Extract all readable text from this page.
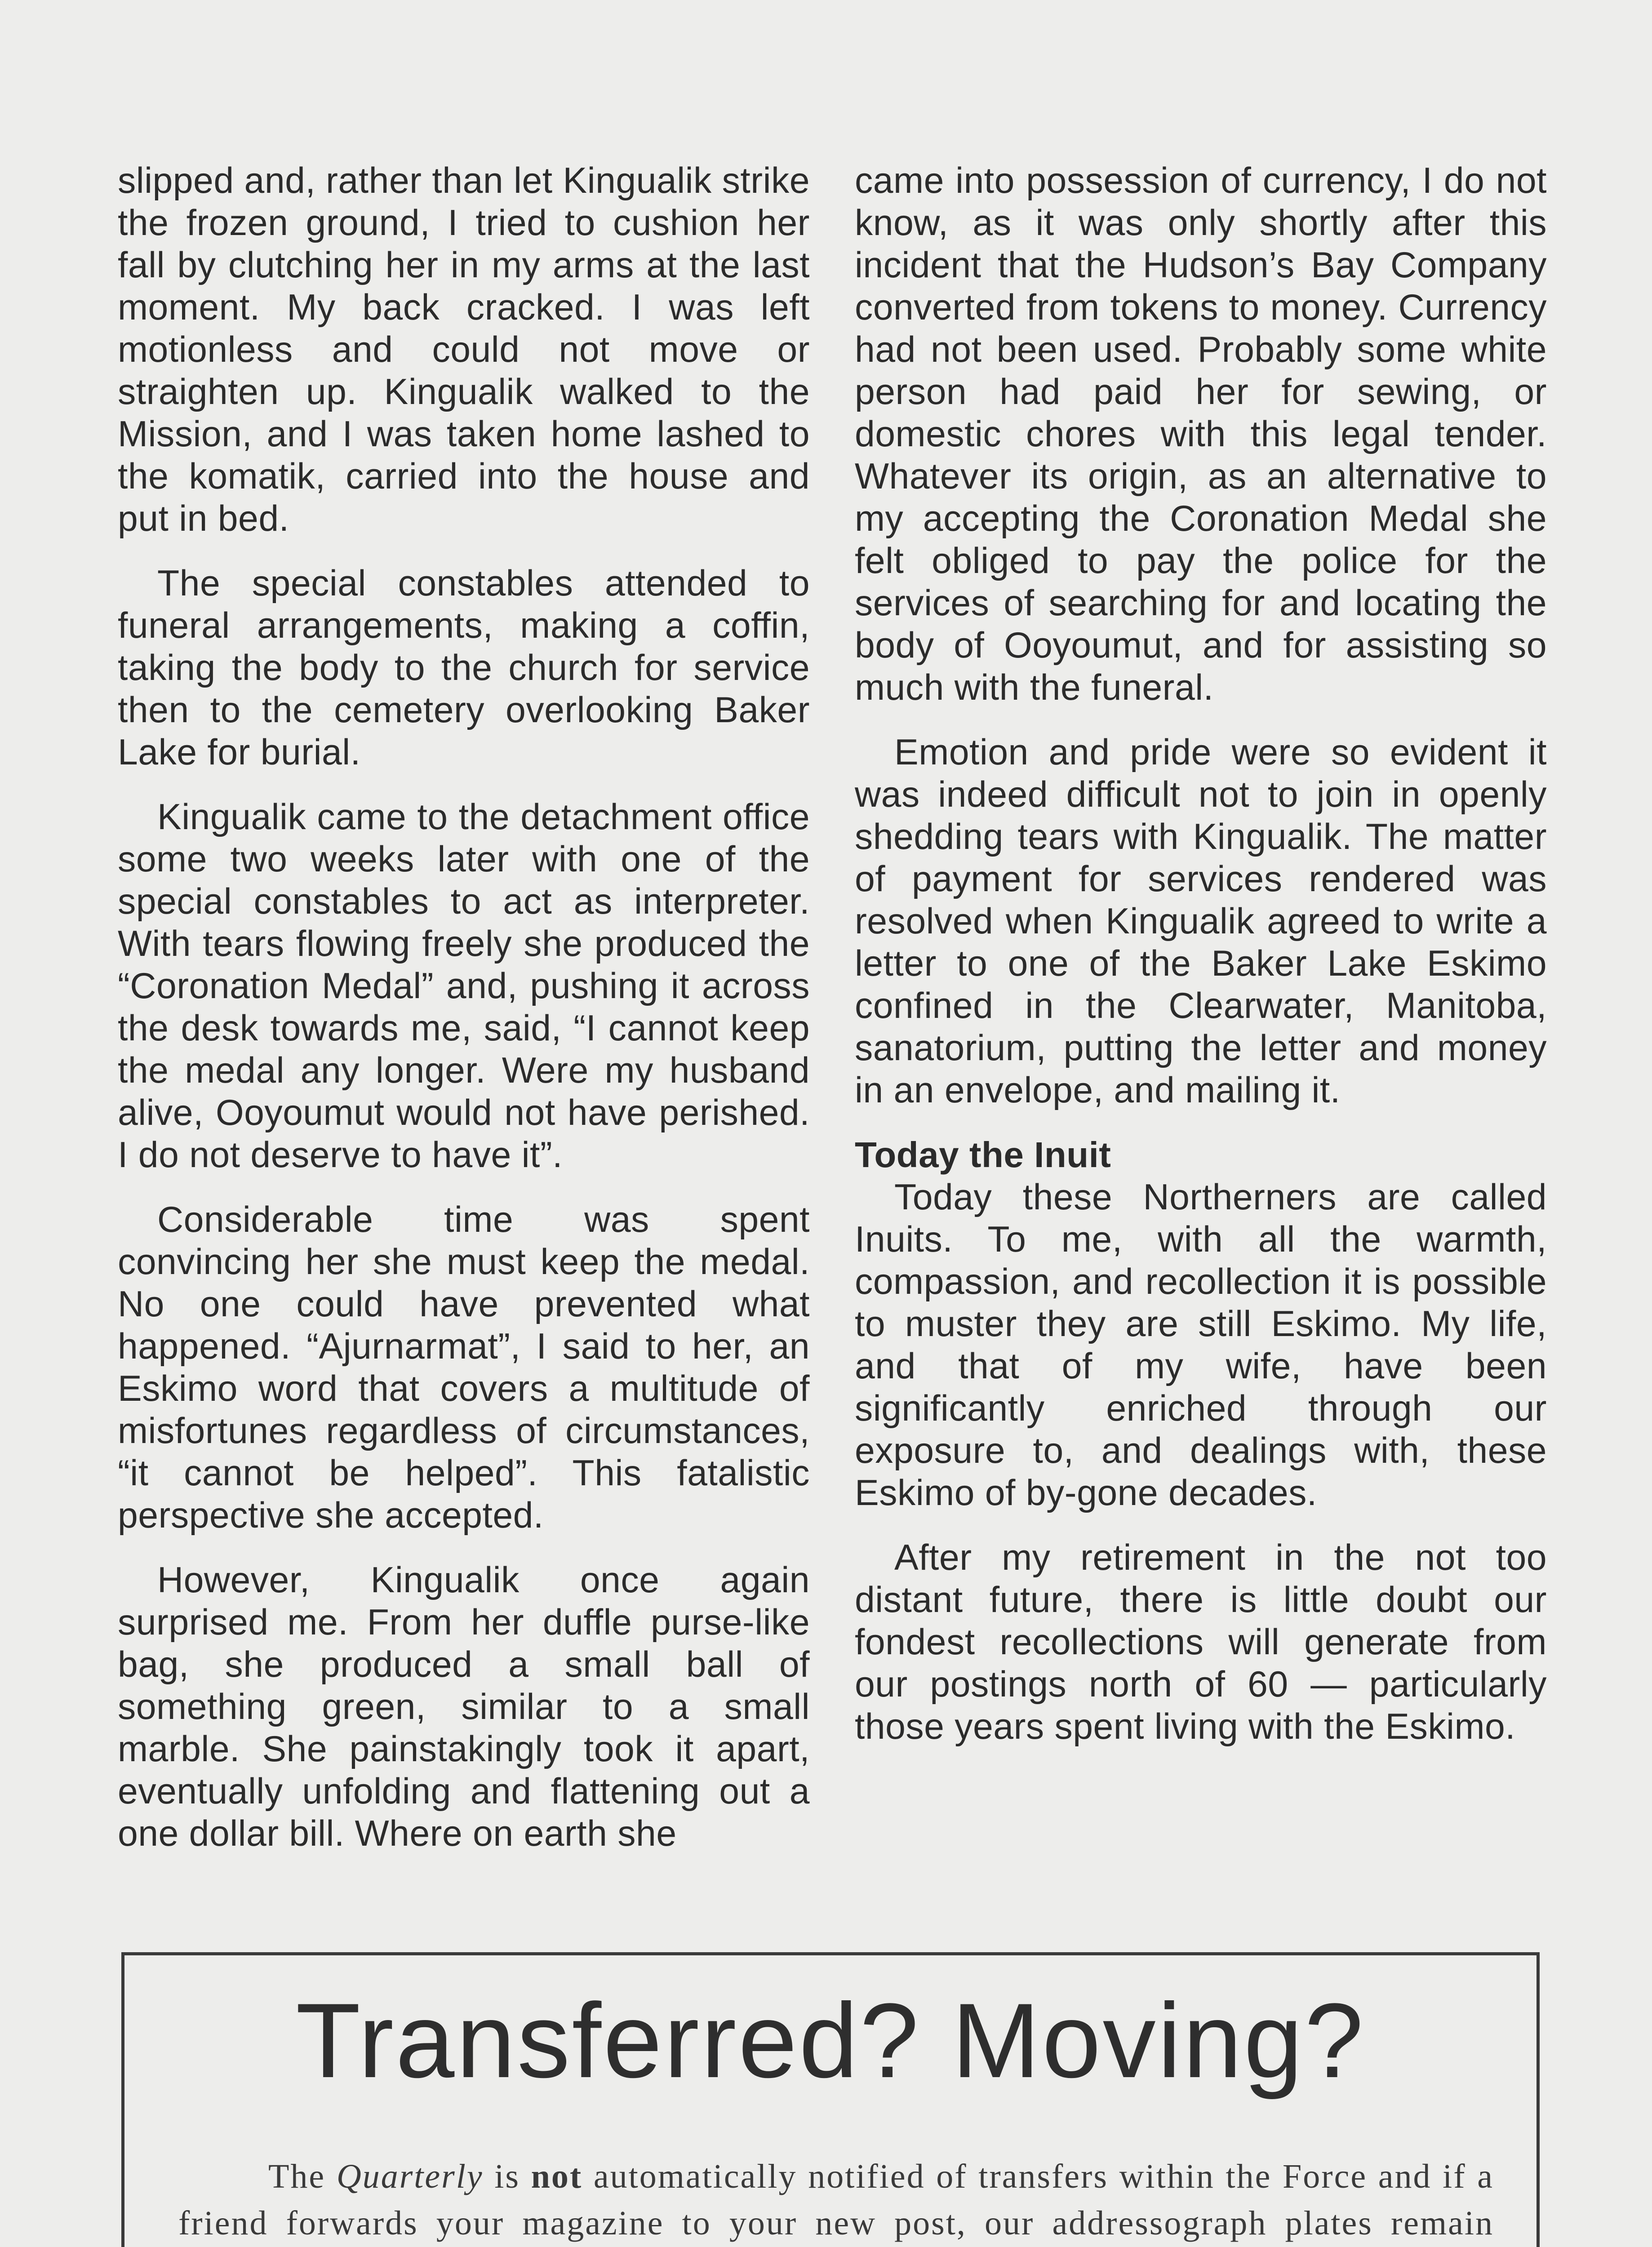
slipped and, rather than let Kingualik strike the frozen ground, I tried to cushion her fall by clutching her in my arms at the last moment. My back cracked. I was left motionless and could not move or straighten up. Kingualik walked to the Mission, and I was taken home lashed to the komatik, carried into the house and put in bed.

The special constables attended to funeral arrangements, making a coffin, taking the body to the church for service then to the cemetery overlooking Baker Lake for burial.

Kingualik came to the detachment office some two weeks later with one of the special constables to act as interpreter. With tears flowing freely she produced the “Coronation Medal” and, pushing it across the desk towards me, said, “I cannot keep the medal any longer. Were my husband alive, Ooyoumut would not have perished. I do not deserve to have it”.

Considerable time was spent convincing her she must keep the medal. No one could have prevented what happened. “Ajurnarmat”, I said to her, an Eskimo word that covers a multitude of misfortunes regardless of circumstances, “it cannot be helped”. This fatalistic perspective she accepted.

However, Kingualik once again surprised me. From her duffle purse-like bag, she produced a small ball of something green, similar to a small marble. She painstakingly took it apart, eventually unfolding and flattening out a one dollar bill. Where on earth she

came into possession of currency, I do not know, as it was only shortly after this incident that the Hudson’s Bay Company converted from tokens to money. Currency had not been used. Probably some white person had paid her for sewing, or domestic chores with this legal tender. Whatever its origin, as an alternative to my accepting the Coronation Medal she felt obliged to pay the police for the services of searching for and locating the body of Ooyoumut, and for assisting so much with the funeral.

Emotion and pride were so evident it was indeed difficult not to join in openly shedding tears with Kingualik. The matter of payment for services rendered was resolved when Kingualik agreed to write a letter to one of the Baker Lake Eskimo confined in the Clearwater, Manitoba, sanatorium, putting the letter and money in an envelope, and mailing it.

Today the Inuit

Today these Northerners are called Inuits. To me, with all the warmth, compassion, and recollection it is possible to muster they are still Eskimo. My life, and that of my wife, have been significantly enriched through our exposure to, and dealings with, these Eskimo of by-gone decades.

After my retirement in the not too distant future, there is little doubt our fondest recollections will generate from our postings north of 60 — particularly those years spent living with the Eskimo.

Transferred? Moving?
The Quarterly is not automatically notified of transfers within the Force and if a friend forwards your magazine to your new post, our addressograph plates remain
